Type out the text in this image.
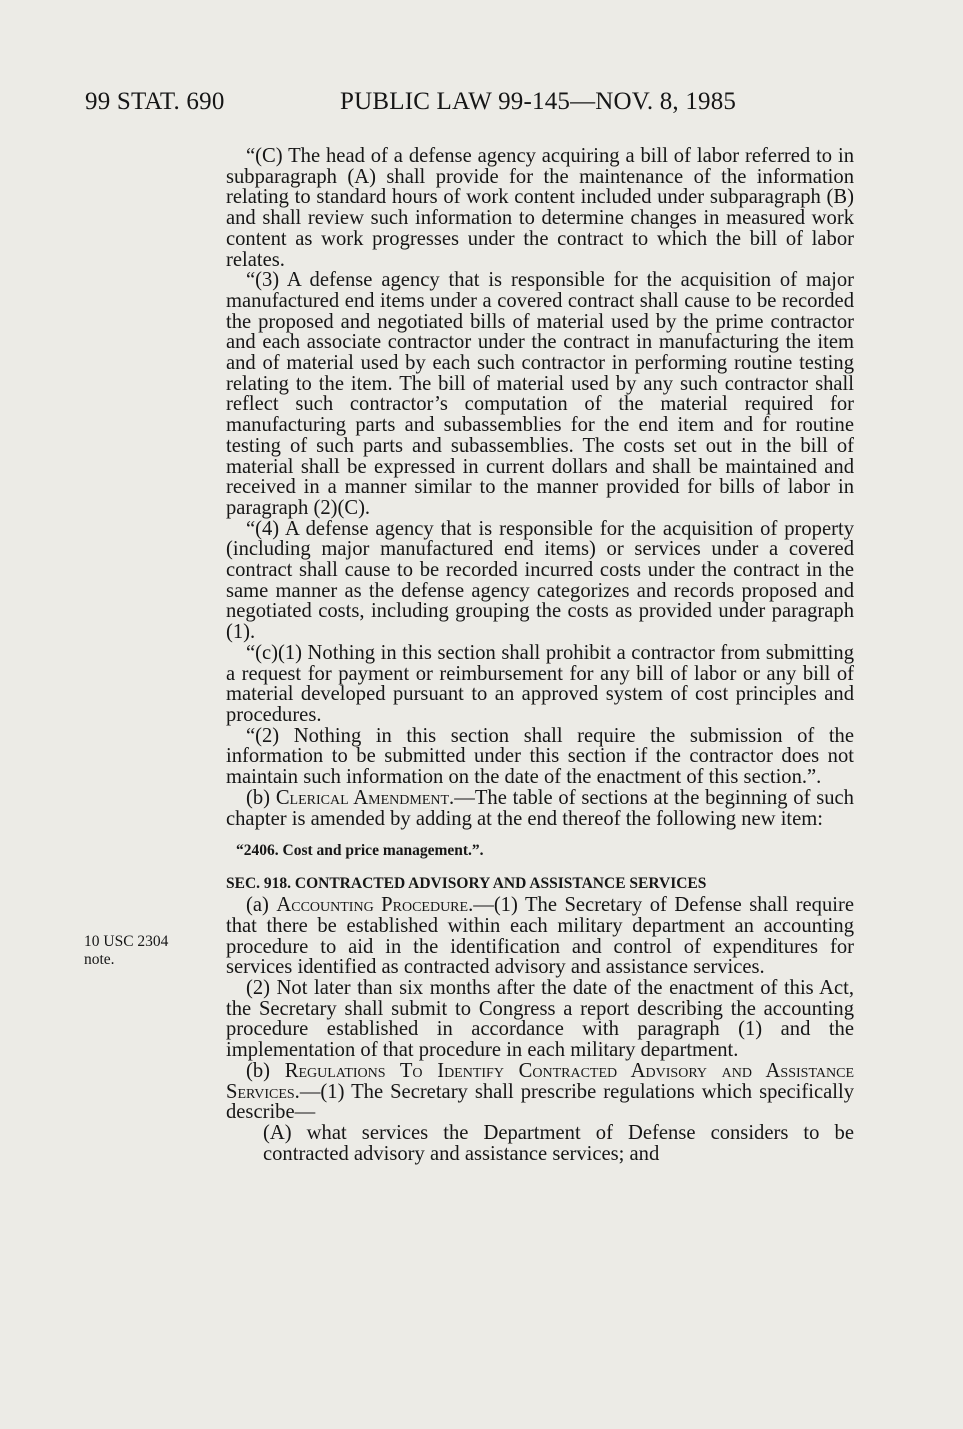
99 STAT. 690	PUBLIC LAW 99-145—NOV. 8, 1985
10 USC 2304
note.

“(C) The head of a defense agency acquiring a bill of labor referred to in subparagraph (A) shall provide for the maintenance of the information relating to standard hours of work content included under subparagraph (B) and shall review such information to determine changes in measured work content as work progresses under the contract to which the bill of labor relates.

“(3) A defense agency that is responsible for the acquisition of major manufactured end items under a covered contract shall cause to be recorded the proposed and negotiated bills of material used by the prime contractor and each associate contractor under the contract in manufacturing the item and of material used by each such contractor in performing routine testing relating to the item. The bill of material used by any such contractor shall reflect such contractor’s computation of the material required for manufacturing parts and subassemblies for the end item and for routine testing of such parts and subassemblies. The costs set out in the bill of material shall be expressed in current dollars and shall be maintained and received in a manner similar to the manner provided for bills of labor in paragraph (2)(C).

“(4) A defense agency that is responsible for the acquisition of property (including major manufactured end items) or services under a covered contract shall cause to be recorded incurred costs under the contract in the same manner as the defense agency categorizes and records proposed and negotiated costs, including grouping the costs as provided under paragraph (1).

“(c)(1) Nothing in this section shall prohibit a contractor from submitting a request for payment or reimbursement for any bill of labor or any bill of material developed pursuant to an approved system of cost principles and procedures.

“(2) Nothing in this section shall require the submission of the information to be submitted under this section if the contractor does not maintain such information on the date of the enactment of this section.”.

(b) Clerical Amendment.—The table of sections at the beginning of such chapter is amended by adding at the end thereof the following new item:

“2406. Cost and price management.”.
SEC. 918. CONTRACTED ADVISORY AND ASSISTANCE SERVICES

(a) Accounting Procedure.—(1) The Secretary of Defense shall require that there be established within each military department an accounting procedure to aid in the identification and control of expenditures for services identified as contracted advisory and assistance services.

(2) Not later than six months after the date of the enactment of this Act, the Secretary shall submit to Congress a report describing the accounting procedure established in accordance with paragraph (1) and the implementation of that procedure in each military department.

(b) Regulations To Identify Contracted Advisory and Assistance Services.—(1) The Secretary shall prescribe regulations which specifically describe—

(A) what services the Department of Defense considers to be contracted advisory and assistance services; and
